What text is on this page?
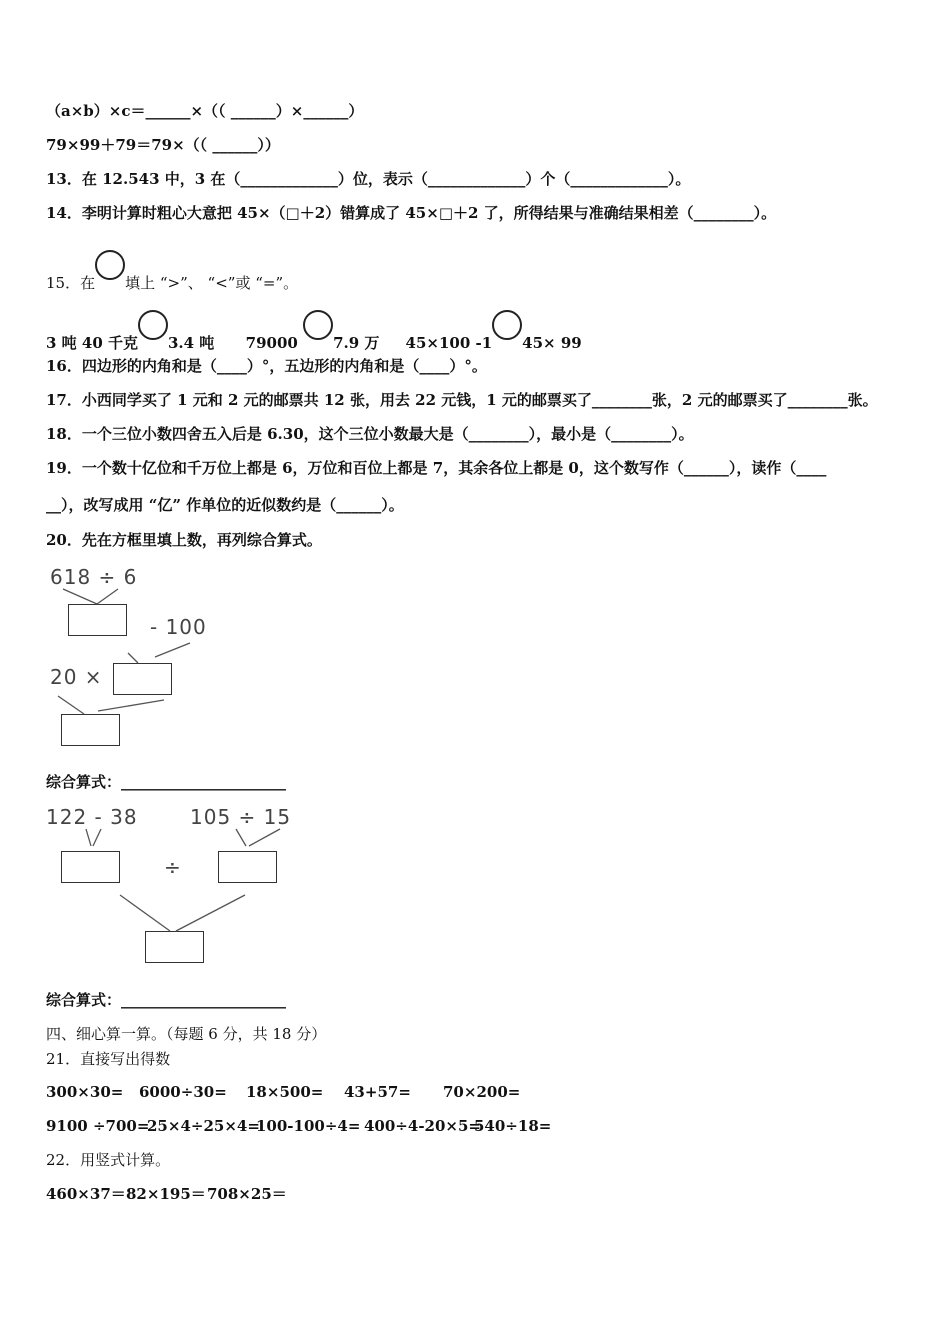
（a×b）×c＝______×（（ ______）×______）
79×99＋79＝79×（（ ______））
13．在 12.543 中，3 在（_____________）位，表示（_____________）个（_____________）。
14．李明计算时粗心大意把 45×（□＋2）错算成了 45×□＋2 了，所得结果与准确结果相差（________）。
15．在 填上 “>”、 “<”或 “=”。
3 吨 40 千克 3.4 吨 79000 7.9 万 45×100 -1 45× 99
16．四边形的内角和是（____）°，五边形的内角和是（____）°。
17．小西同学买了 1 元和 2 元的邮票共 12 张，用去 22 元钱，1 元的邮票买了________张，2 元的邮票买了________张。
18．一个三位小数四舍五入后是 6.30，这个三位小数最大是（________），最小是（________）。
19．一个数十亿位和千万位上都是 6，万位和百位上都是 7，其余各位上都是 0，这个数写作（______），读作（____
__），改写成用 “亿” 作单位的近似数约是（______）。
20．先在方框里填上数，再列综合算式。
618 ÷ 6
- 100
20 ×
122 - 38	105 ÷ 15
÷
综合算式：______________________
综合算式：______________________
四、细心算一算。（每题 6 分，共 18 分）
21．直接写出得数
300×30= 6000÷30= 18×500= 43+57= 70×200=
9100 ÷700=
25×4÷25×4=
100-100÷4= 400÷4-20×5=
540÷18=
22．用竖式计算。
460×37＝ 82×195＝ 708×25＝
